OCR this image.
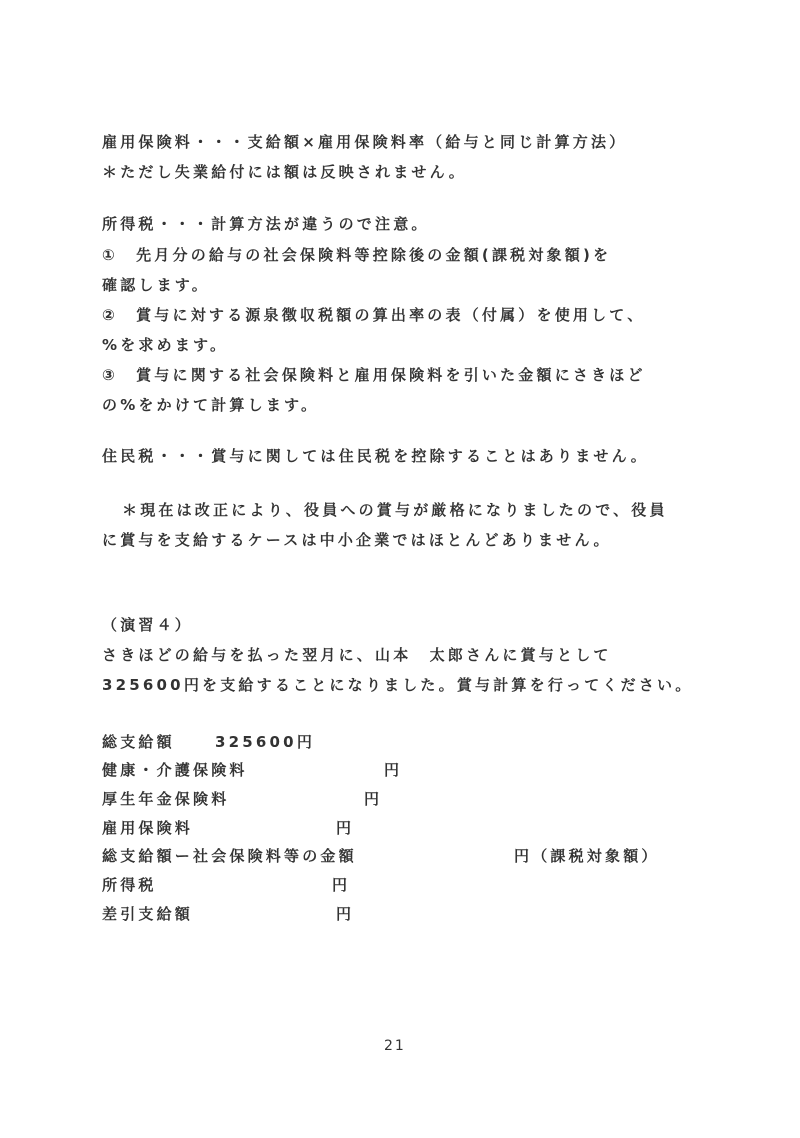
雇用保険料・・・支給額×雇用保険料率（給与と同じ計算方法）
＊ただし失業給付には額は反映されません。
所得税・・・計算方法が違うので注意。
①　先月分の給与の社会保険料等控除後の金額(課税対象額)を
確認します。
②　賞与に対する源泉徴収税額の算出率の表（付属）を使用して、
%を求めます。
③　賞与に関する社会保険料と雇用保険料を引いた金額にさきほど
の%をかけて計算します。
住民税・・・賞与に関しては住民税を控除することはありません。
＊現在は改正により、役員への賞与が厳格になりましたので、役員
に賞与を支給するケースは中小企業ではほとんどありません。
（演習４）
さきほどの給与を払った翌月に、山本　太郎さんに賞与として
325600円を支給することになりました。賞与計算を行ってください。
総支給額	325600円
健康・介護保険料	円
厚生年金保険料	円
雇用保険料	円
総支給額ー社会保険料等の金額	円（課税対象額）
所得税	円
差引支給額	円
21
